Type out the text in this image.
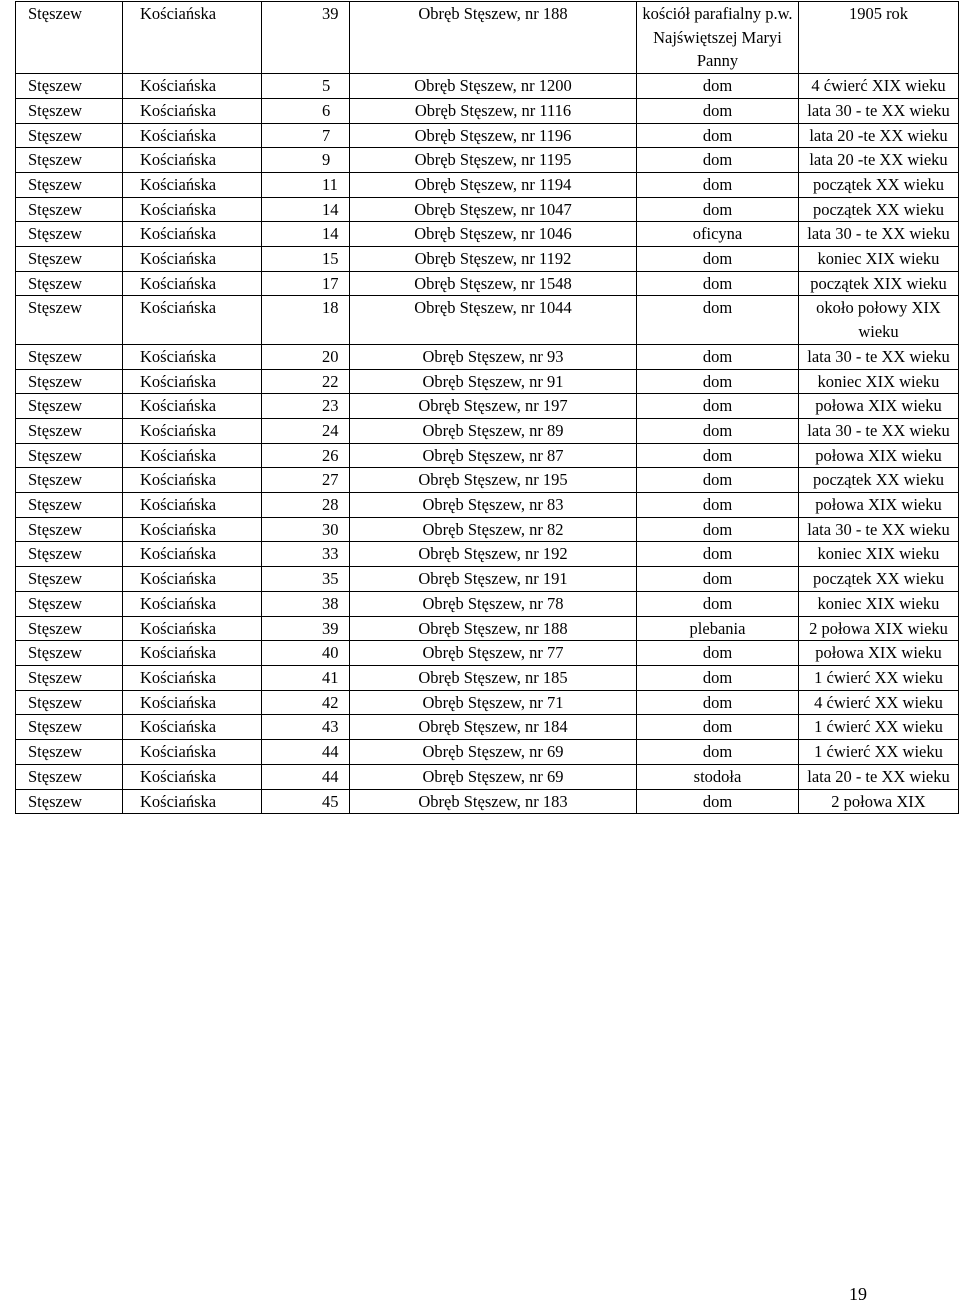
Stęszew	Kościańska	39	Obręb Stęszew, nr 188	kościół parafialny p.w. Najświętszej Maryi Panny	1905 rok
Stęszew	Kościańska	5	Obręb Stęszew, nr 1200	dom	4 ćwierć XIX wieku
Stęszew	Kościańska	6	Obręb Stęszew, nr 1116	dom	lata 30 - te XX wieku
Stęszew	Kościańska	7	Obręb Stęszew, nr 1196	dom	lata 20 -te XX wieku
Stęszew	Kościańska	9	Obręb Stęszew, nr 1195	dom	lata 20 -te XX wieku
Stęszew	Kościańska	11	Obręb Stęszew, nr 1194	dom	początek XX wieku
Stęszew	Kościańska	14	Obręb Stęszew, nr 1047	dom	początek XX wieku
Stęszew	Kościańska	14	Obręb Stęszew, nr 1046	oficyna	lata 30 - te XX wieku
Stęszew	Kościańska	15	Obręb Stęszew, nr 1192	dom	koniec XIX wieku
Stęszew	Kościańska	17	Obręb Stęszew, nr 1548	dom	początek XIX wieku
Stęszew	Kościańska	18	Obręb Stęszew, nr 1044	dom	około połowy XIX wieku
Stęszew	Kościańska	20	Obręb Stęszew, nr 93	dom	lata 30 - te XX wieku
Stęszew	Kościańska	22	Obręb Stęszew, nr 91	dom	koniec XIX wieku
Stęszew	Kościańska	23	Obręb Stęszew, nr 197	dom	połowa XIX wieku
Stęszew	Kościańska	24	Obręb Stęszew, nr 89	dom	lata 30 - te XX wieku
Stęszew	Kościańska	26	Obręb Stęszew, nr 87	dom	połowa XIX wieku
Stęszew	Kościańska	27	Obręb Stęszew, nr 195	dom	początek XX wieku
Stęszew	Kościańska	28	Obręb Stęszew, nr 83	dom	połowa XIX wieku
Stęszew	Kościańska	30	Obręb Stęszew, nr 82	dom	lata 30 - te XX wieku
Stęszew	Kościańska	33	Obręb Stęszew, nr 192	dom	koniec XIX wieku
Stęszew	Kościańska	35	Obręb Stęszew, nr 191	dom	początek XX wieku
Stęszew	Kościańska	38	Obręb Stęszew, nr 78	dom	koniec XIX wieku
Stęszew	Kościańska	39	Obręb Stęszew, nr 188	plebania	2 połowa XIX wieku
Stęszew	Kościańska	40	Obręb Stęszew, nr 77	dom	połowa XIX wieku
Stęszew	Kościańska	41	Obręb Stęszew, nr 185	dom	1 ćwierć XX wieku
Stęszew	Kościańska	42	Obręb Stęszew, nr 71	dom	4 ćwierć XX wieku
Stęszew	Kościańska	43	Obręb Stęszew, nr 184	dom	1 ćwierć XX wieku
Stęszew	Kościańska	44	Obręb Stęszew, nr 69	dom	1 ćwierć XX wieku
Stęszew	Kościańska	44	Obręb Stęszew, nr 69	stodoła	lata 20 - te XX wieku
Stęszew	Kościańska	45	Obręb Stęszew, nr 183	dom	2 połowa XIX
19
